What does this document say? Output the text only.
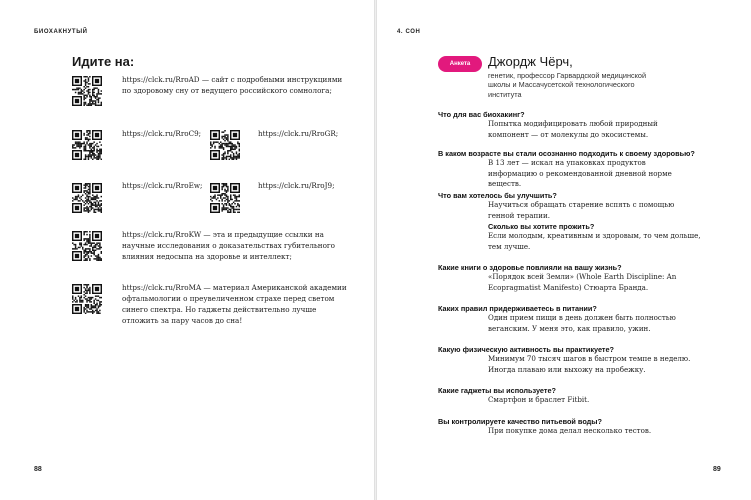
БИОХАКНУТЫЙ
Идите на:
https://clck.ru/RroAD — сайт с подробными инструкциями по здоровому сну от ведущего российского сомнолога;
https://clck.ru/RroC9;	https://clck.ru/RroGR;
https://clck.ru/RroEw;	https://clck.ru/RroJ9;
https://clck.ru/RroKW — эта и предыдущие ссылки на научные исследования о доказательствах губительного влияния недосыпа на здоровье и интеллект;
https://clck.ru/RroMA — материал Американской академии офтальмологии о преувеличенном страхе перед светом синего спектра. Но гаджеты действительно лучше отложить за пару часов до сна!
88
4. СОН
Анкета	Джордж Чёрч,
генетик, профессор Гарвардской медицинской школы и Массачусетской технологического института
Что для вас биохакинг?
Попытка модифицировать любой природный компонент — от молекулы до экосистемы.
В каком возрасте вы стали осознанно подходить к своему здоровью?
В 13 лет — искал на упаковках продуктов информацию о рекомендованной дневной норме веществ.
Что вам хотелось бы улучшить?
Научиться обращать старение вспять с помощью генной терапии.
Сколько вы хотите прожить?
Если молодым, креативным и здоровым, то чем дольше, тем лучше.
Какие книги о здоровье повлияли на вашу жизнь?
«Порядок всей Земли» (Whole Earth Discipline: An Ecopragmatist Manifesto) Стюарта Бранда.
Каких правил придерживаетесь в питании?
Один прием пищи в день должен быть полностью веганским. У меня это, как правило, ужин.
Какую физическую активность вы практикуете?
Минимум 70 тысяч шагов в быстром темпе в неделю. Иногда плаваю или выхожу на пробежку.
Какие гаджеты вы используете?
Смартфон и браслет Fitbit.
Вы контролируете качество питьевой воды?
При покупке дома делал несколько тестов.
89
